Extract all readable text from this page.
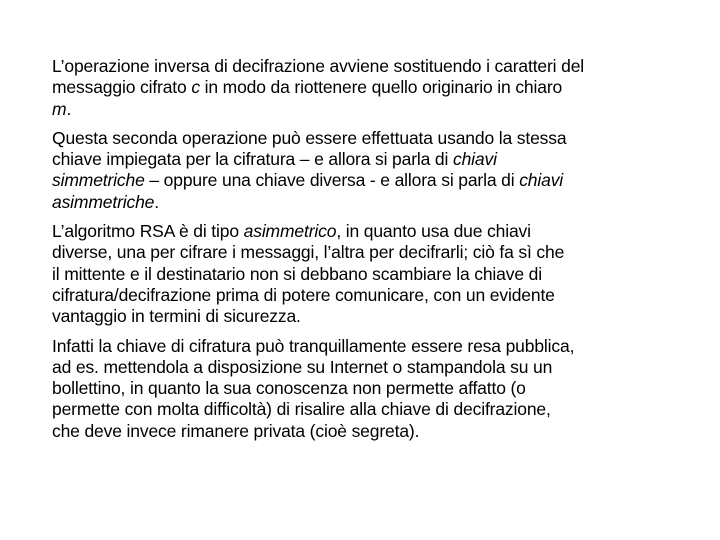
L’operazione inversa di decifrazione avviene sostituendo i caratteri del
messaggio cifrato c in modo da riottenere quello originario in chiaro
m.

Questa seconda operazione può essere effettuata usando la stessa
chiave impiegata per la cifratura – e allora si parla di chiavi
simmetriche – oppure una chiave diversa - e allora si parla di chiavi
asimmetriche.

L’algoritmo RSA è di tipo asimmetrico, in quanto usa due chiavi
diverse, una per cifrare i messaggi, l’altra per decifrarli; ciò fa sì che
il mittente e il destinatario non si debbano scambiare la chiave di
cifratura/decifrazione prima di potere comunicare, con un evidente
vantaggio in termini di sicurezza.

Infatti la chiave di cifratura può tranquillamente essere resa pubblica,
ad es. mettendola a disposizione su Internet o stampandola su un
bollettino, in quanto la sua conoscenza non permette affatto (o
permette con molta difficoltà) di risalire alla chiave di decifrazione,
che deve invece rimanere privata (cioè segreta).
